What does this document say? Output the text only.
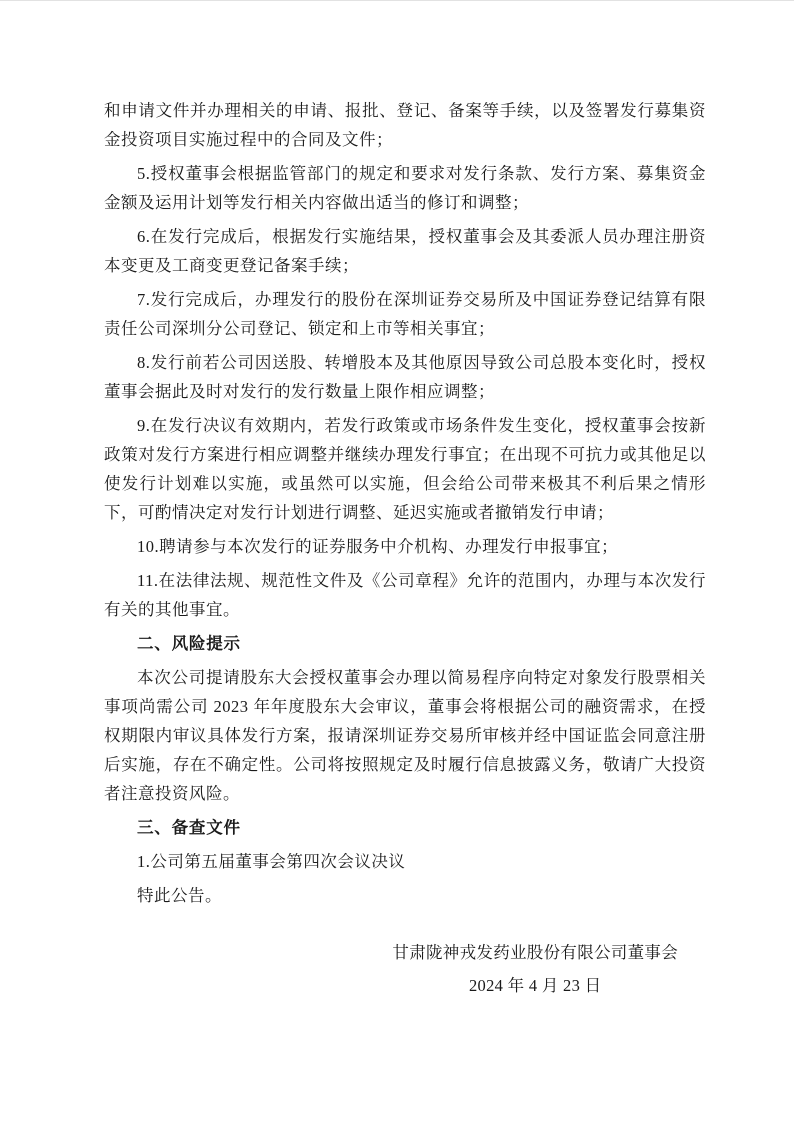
和申请文件并办理相关的申请、报批、登记、备案等手续，以及签署发行募集资金投资项目实施过程中的合同及文件；

5.授权董事会根据监管部门的规定和要求对发行条款、发行方案、募集资金金额及运用计划等发行相关内容做出适当的修订和调整；

6.在发行完成后，根据发行实施结果，授权董事会及其委派人员办理注册资本变更及工商变更登记备案手续；

7.发行完成后，办理发行的股份在深圳证券交易所及中国证券登记结算有限责任公司深圳分公司登记、锁定和上市等相关事宜；

8.发行前若公司因送股、转增股本及其他原因导致公司总股本变化时，授权董事会据此及时对发行的发行数量上限作相应调整；

9.在发行决议有效期内，若发行政策或市场条件发生变化，授权董事会按新政策对发行方案进行相应调整并继续办理发行事宜；在出现不可抗力或其他足以使发行计划难以实施，或虽然可以实施，但会给公司带来极其不利后果之情形下，可酌情决定对发行计划进行调整、延迟实施或者撤销发行申请；

10.聘请参与本次发行的证券服务中介机构、办理发行申报事宜；

11.在法律法规、规范性文件及《公司章程》允许的范围内，办理与本次发行有关的其他事宜。

二、风险提示

本次公司提请股东大会授权董事会办理以简易程序向特定对象发行股票相关事项尚需公司 2023 年年度股东大会审议，董事会将根据公司的融资需求，在授权期限内审议具体发行方案，报请深圳证券交易所审核并经中国证监会同意注册后实施，存在不确定性。公司将按照规定及时履行信息披露义务，敬请广大投资者注意投资风险。

三、备查文件

1.公司第五届董事会第四次会议决议

特此公告。

甘肃陇神戎发药业股份有限公司董事会
2024 年 4 月 23 日
